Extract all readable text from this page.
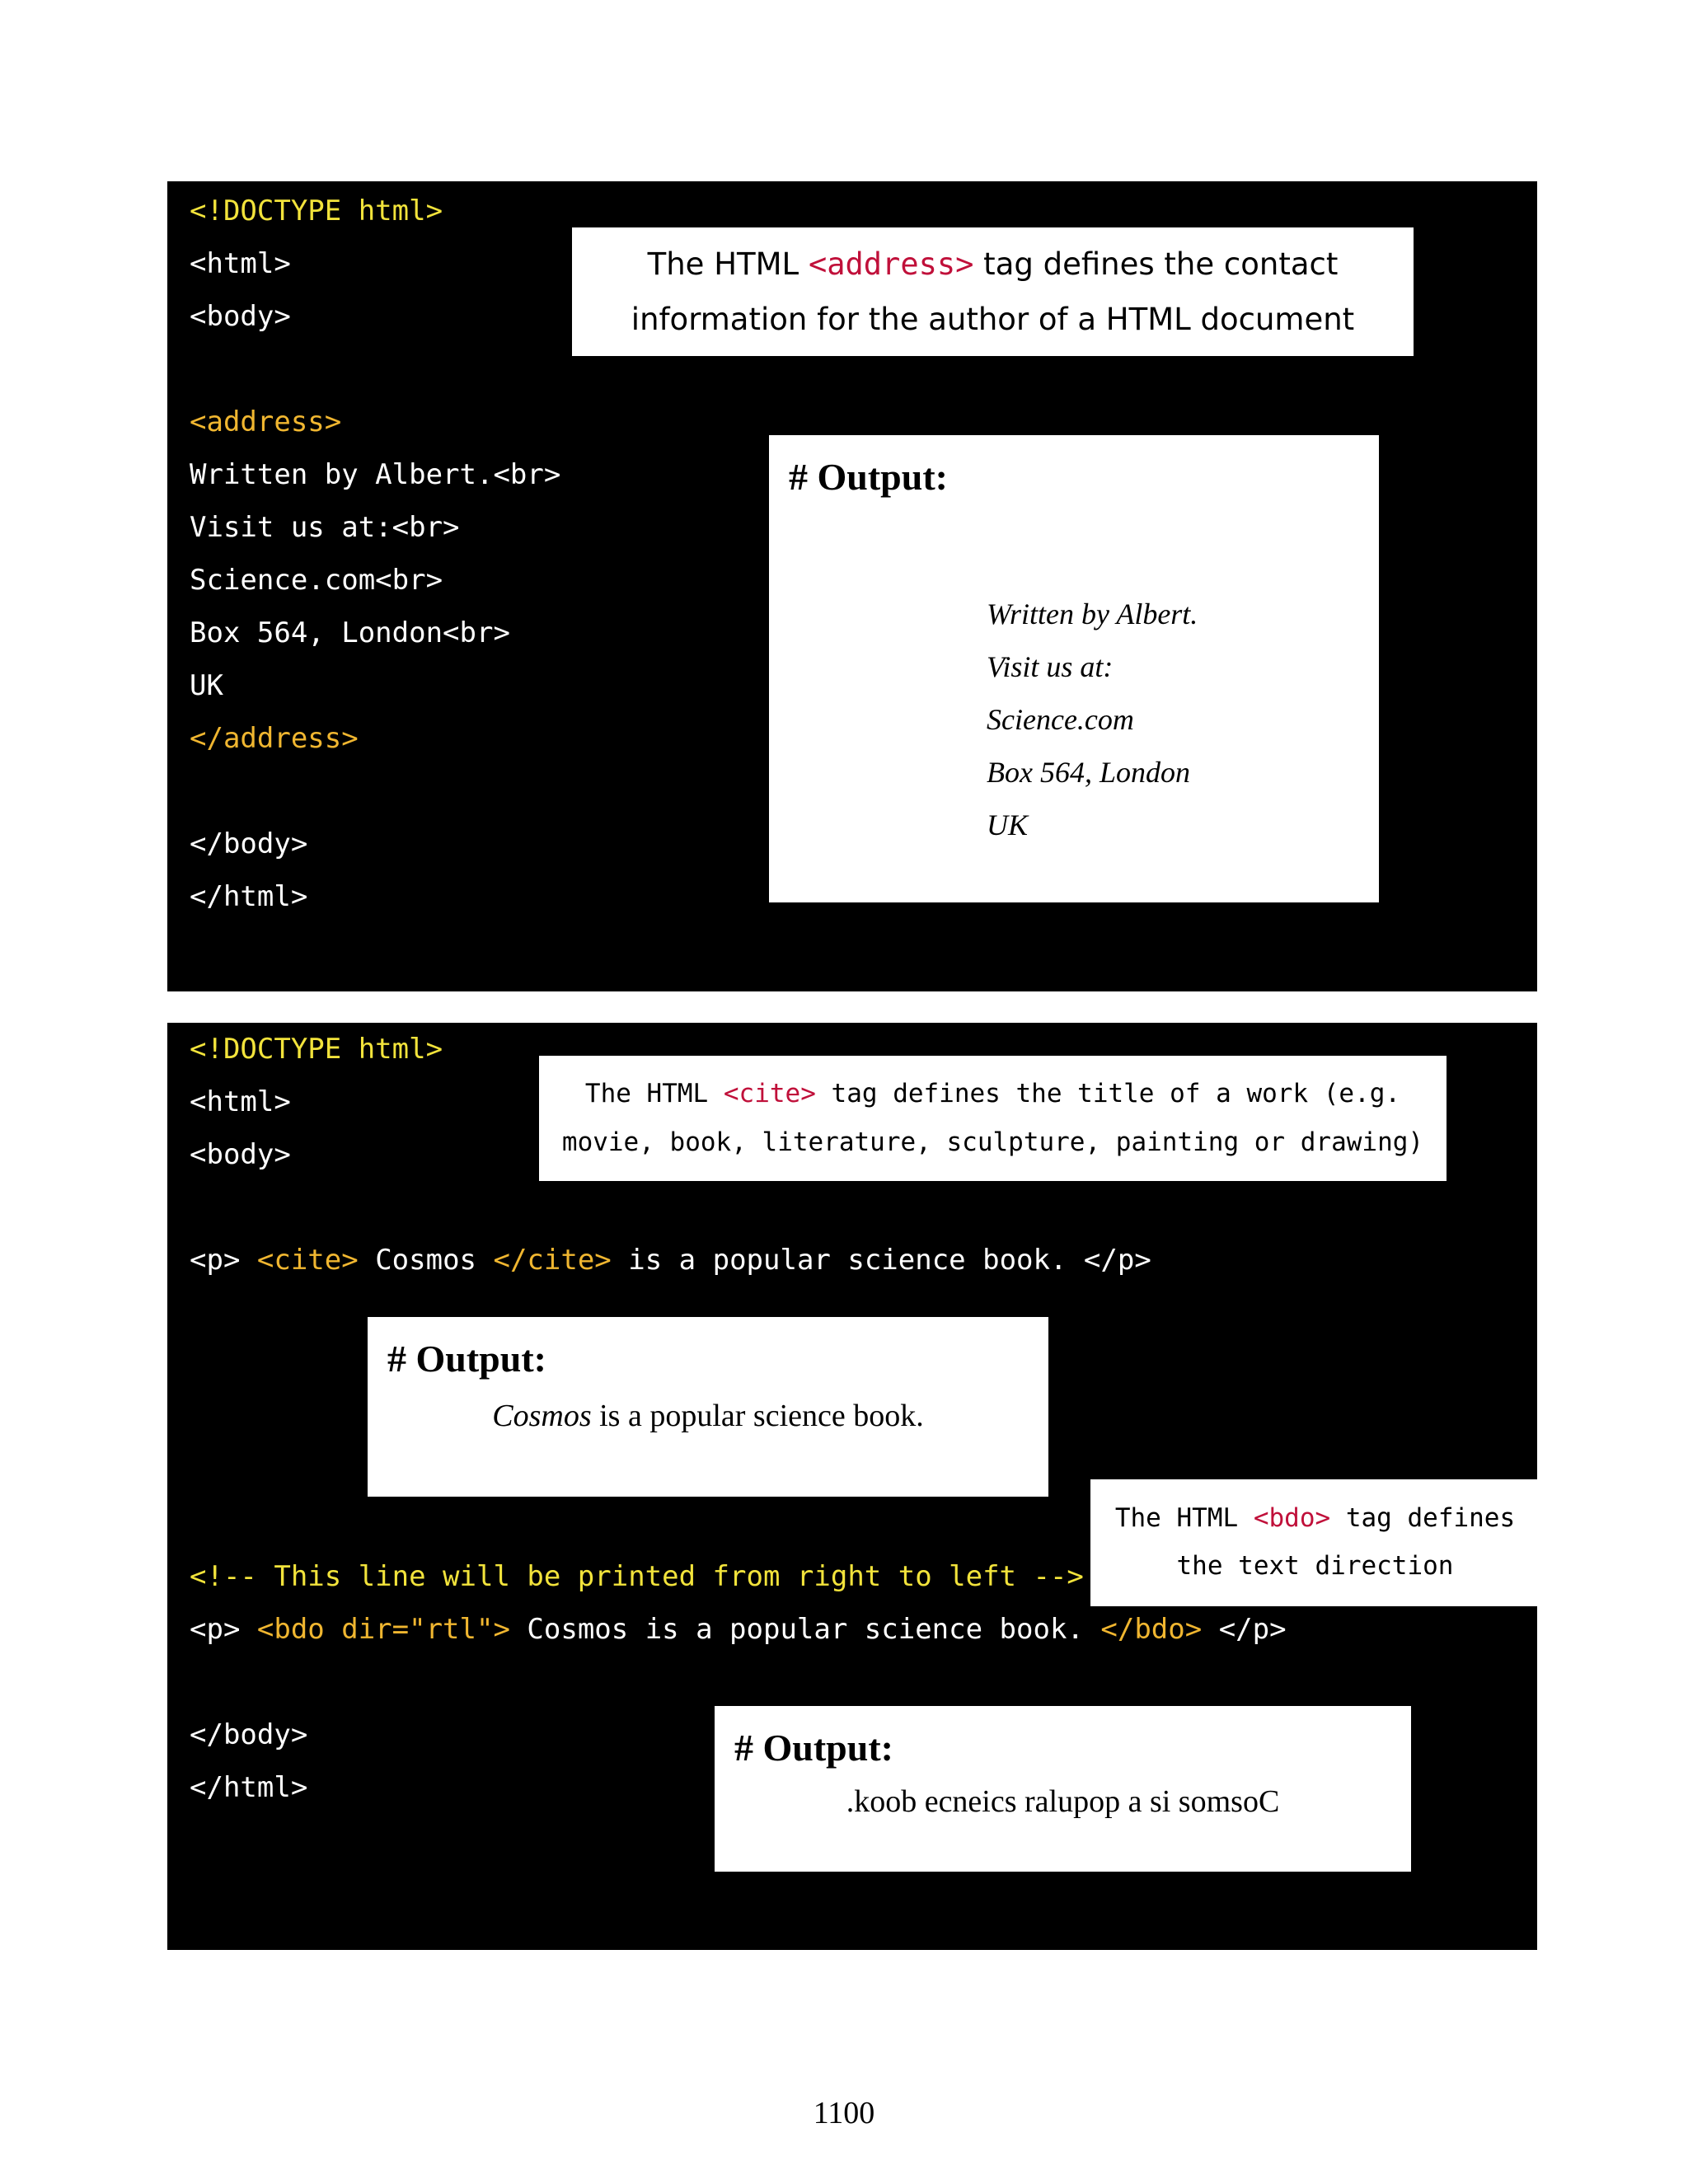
<!DOCTYPE html>

<html>

<body>

<address>

Written by Albert.<br>

Visit us at:<br>

Science.com<br>

Box 564, London<br>

UK

</address>

</body>

</html>

The HTML <address> tag defines the contact

information for the author of a HTML document

# Output:

Written by Albert.
Visit us at:
Science.com
Box 564, London
UK

<!DOCTYPE html>

<html>

<body>

<p> <cite> Cosmos </cite> is a popular science book. </p>

The HTML <cite> tag defines the title of a work (e.g.

movie, book, literature, sculpture, painting or drawing)

# Output:

Cosmos is a popular science book.

The HTML <bdo> tag defines

the text direction

<!-- This line will be printed from right to left -->

<p> <bdo dir="rtl"> Cosmos is a popular science book. </bdo> </p>

</body>

</html>

# Output:

.koob ecneics ralupop a si somsoC

1100
